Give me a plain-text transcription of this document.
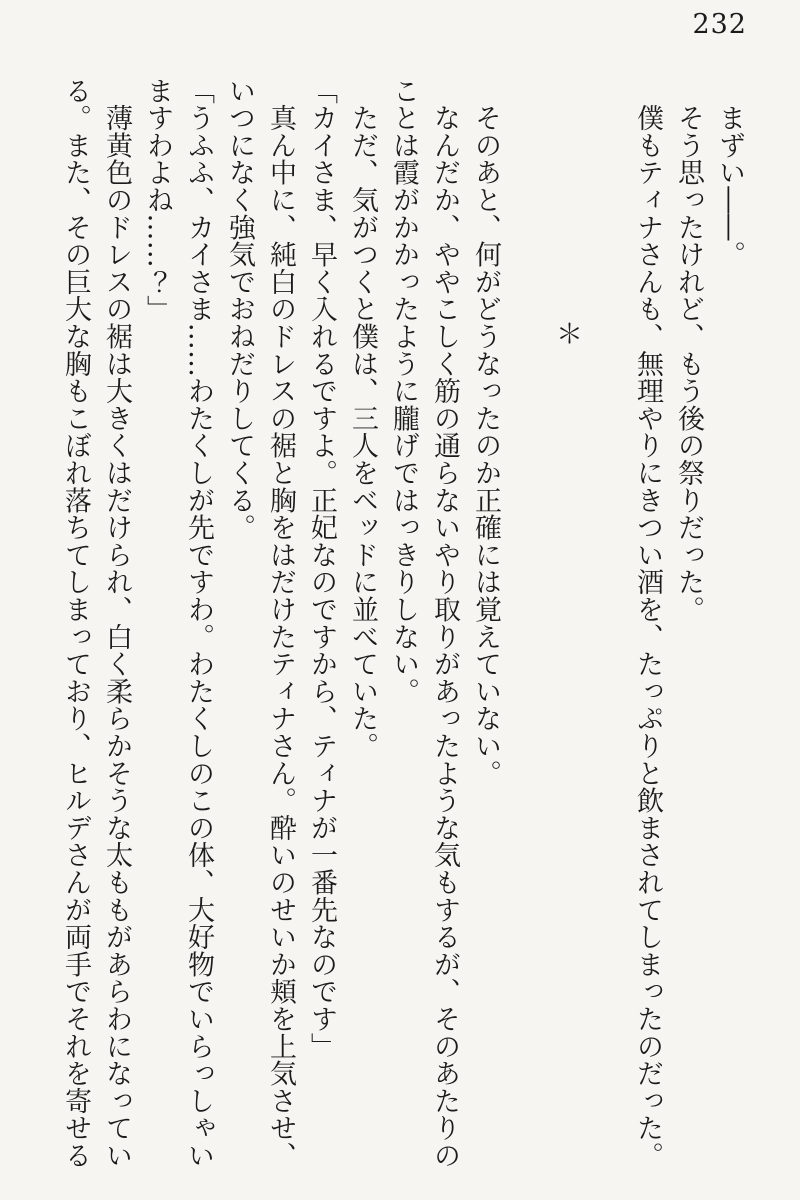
232

　まずい――。

　そう思ったけれど、もう後の祭りだった。

　僕もティナさんも、無理やりにきつい酒を、たっぷりと飲まされてしまったのだった。

＊

　そのあと、何がどうなったのか正確には覚えていない。

　なんだか、ややこしく筋の通らないやり取りがあったような気もするが、そのあたりの

ことは霞がかかったように朧げではっきりしない。

　ただ、気がつくと僕は、三人をベッドに並べていた。

「カイさま、早く入れるですよ。正妃なのですから、ティナが一番先なのです」

　真ん中に、純白のドレスの裾と胸をはだけたティナさん。酔いのせいか頬を上気させ、

いつになく強気でおねだりしてくる。

「うふふ、カイさま……わたくしが先ですわ。わたくしのこの体、大好物でいらっしゃい

ますわよね……？」

　薄黄色のドレスの裾は大きくはだけられ、白く柔らかそうな太ももがあらわになってい

る。また、その巨大な胸もこぼれ落ちてしまっており、ヒルデさんが両手でそれを寄せる
